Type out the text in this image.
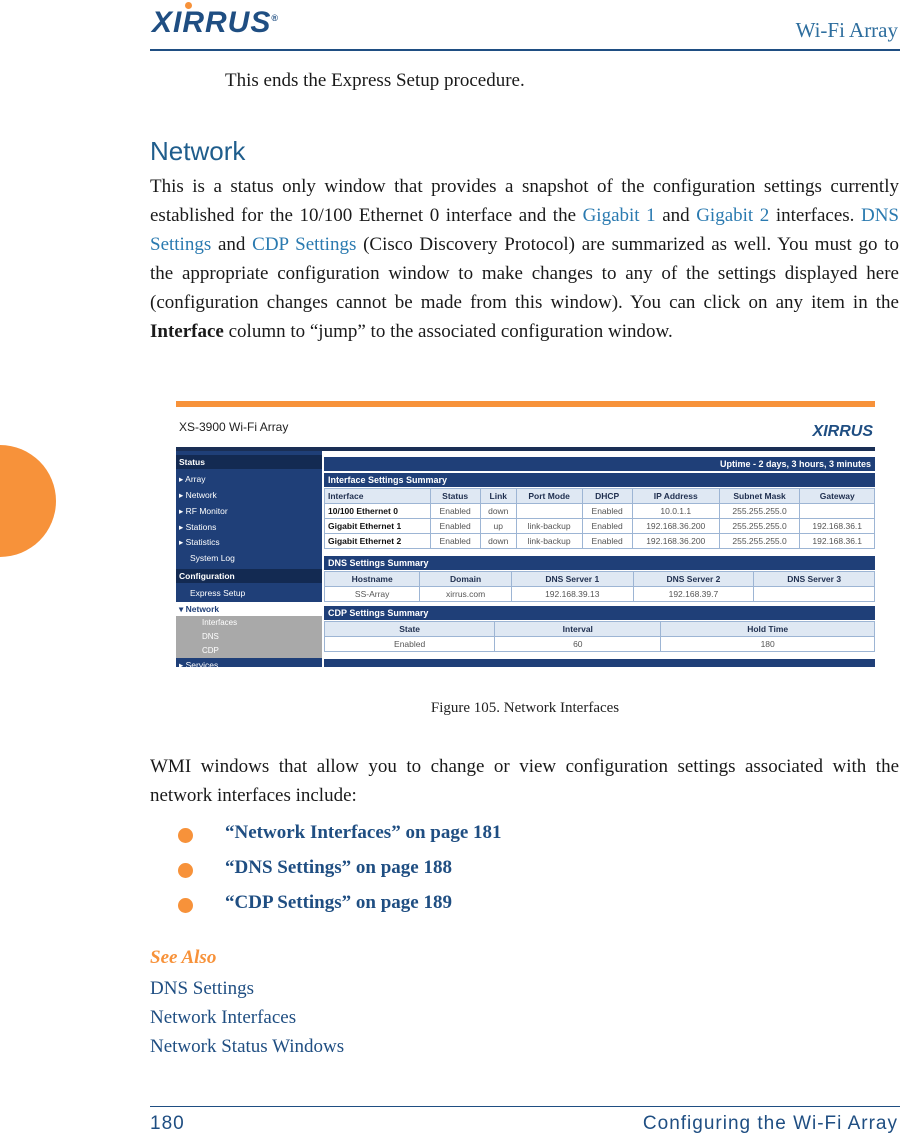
XIRRUS®	Wi-Fi Array

This ends the Express Setup procedure.

Network

This is a status only window that provides a snapshot of the configuration settings currently established for the 10/100 Ethernet 0 interface and the Gigabit 1 and Gigabit 2 interfaces. DNS Settings and CDP Settings (Cisco Discovery Protocol) are summarized as well. You must go to the appropriate configuration window to make changes to any of the settings displayed here (configuration changes cannot be made from this window). You can click on any item in the Interface column to “jump” to the associated configuration window.

XS-3900 Wi-Fi Array	XIRRUS
Status
▸ Array
▸ Network
▸ RF Monitor
▸ Stations
▸ Statistics
System Log
Configuration
Express Setup
▾ Network
Interfaces
DNS
CDP
▸ Services
Uptime - 2 days, 3 hours, 3 minutes
Interface Settings Summary
Interface	Status	Link	Port Mode	DHCP	IP Address	Subnet Mask	Gateway
10/100 Ethernet 0	Enabled	down		Enabled	10.0.1.1	255.255.255.0	
Gigabit Ethernet 1	Enabled	up	link-backup	Enabled	192.168.36.200	255.255.255.0	192.168.36.1
Gigabit Ethernet 2	Enabled	down	link-backup	Enabled	192.168.36.200	255.255.255.0	192.168.36.1
DNS Settings Summary
Hostname	Domain	DNS Server 1	DNS Server 2	DNS Server 3
SS-Array	xirrus.com	192.168.39.13	192.168.39.7	
CDP Settings Summary
State	Interval	Hold Time
Enabled	60	180
Figure 105. Network Interfaces

WMI windows that allow you to change or view configuration settings associated with the network interfaces include:

“Network Interfaces” on page 181
“DNS Settings” on page 188
“CDP Settings” on page 189
See Also
DNS Settings
Network Interfaces
Network Status Windows
180	Configuring the Wi-Fi Array
